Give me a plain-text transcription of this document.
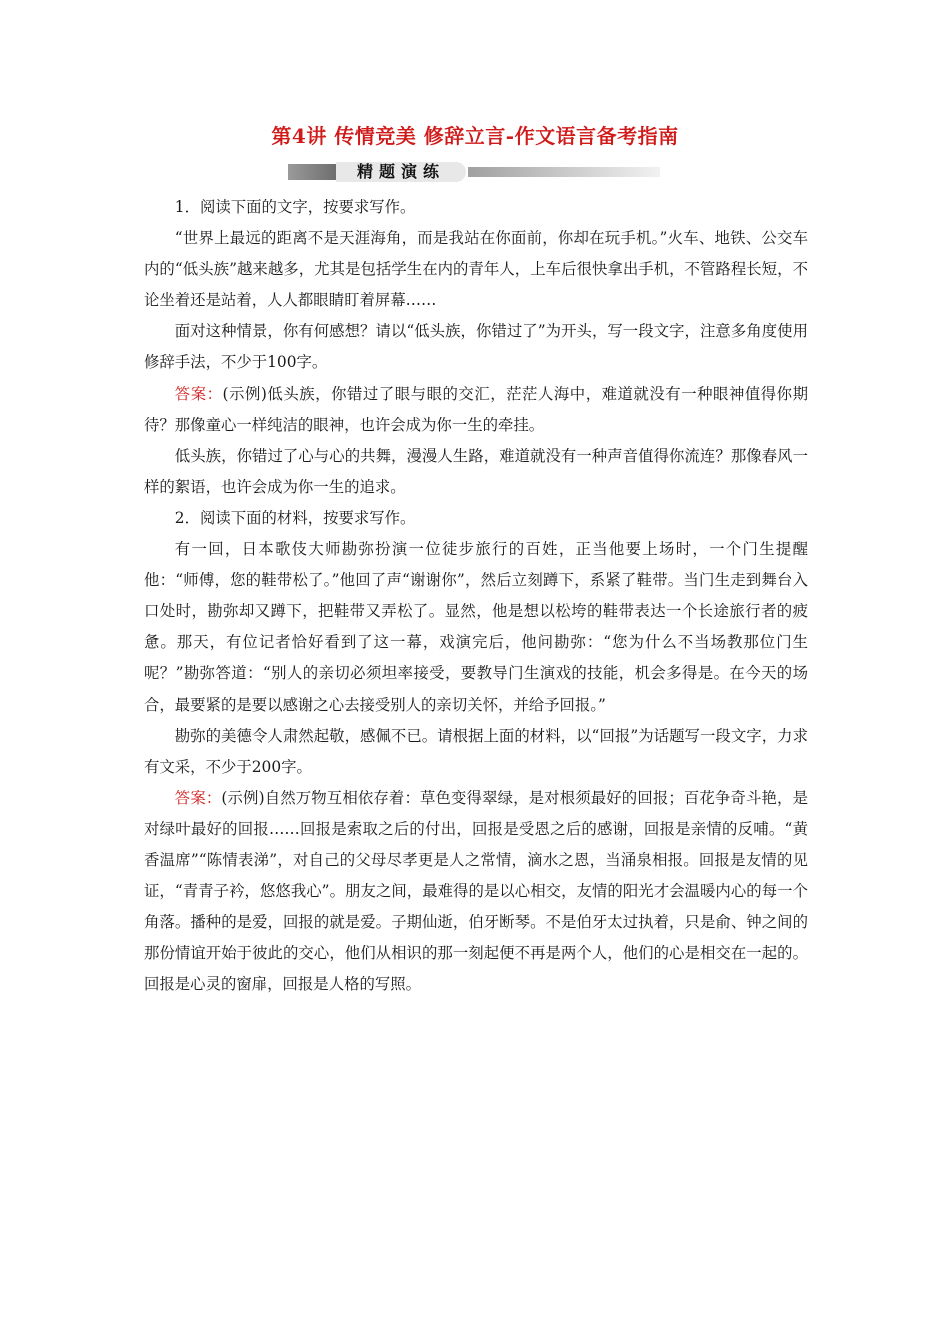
第4讲 传情竞美 修辞立言-作文语言备考指南
精题演练

1．阅读下面的文字，按要求写作。

“世界上最远的距离不是天涯海角，而是我站在你面前，你却在玩手机。”火车、地铁、公交车内的“低头族”越来越多，尤其是包括学生在内的青年人，上车后很快拿出手机，不管路程长短，不论坐着还是站着，人人都眼睛盯着屏幕……

面对这种情景，你有何感想？请以“低头族，你错过了”为开头，写一段文字，注意多角度使用修辞手法，不少于100字。

答案：(示例)低头族，你错过了眼与眼的交汇，茫茫人海中，难道就没有一种眼神值得你期待？那像童心一样纯洁的眼神，也许会成为你一生的牵挂。

低头族，你错过了心与心的共舞，漫漫人生路，难道就没有一种声音值得你流连？那像春风一样的絮语，也许会成为你一生的追求。

2．阅读下面的材料，按要求写作。

有一回，日本歌伎大师勘弥扮演一位徒步旅行的百姓，正当他要上场时，一个门生提醒他：“师傅，您的鞋带松了。”他回了声“谢谢你”，然后立刻蹲下，系紧了鞋带。当门生走到舞台入口处时，勘弥却又蹲下，把鞋带又弄松了。显然，他是想以松垮的鞋带表达一个长途旅行者的疲惫。那天，有位记者恰好看到了这一幕，戏演完后，他问勘弥：“您为什么不当场教那位门生呢？”勘弥答道：“别人的亲切必须坦率接受，要教导门生演戏的技能，机会多得是。在今天的场合，最要紧的是要以感谢之心去接受别人的亲切关怀，并给予回报。”

勘弥的美德令人肃然起敬，感佩不已。请根据上面的材料，以“回报”为话题写一段文字，力求有文采，不少于200字。

答案：(示例)自然万物互相依存着：草色变得翠绿，是对根须最好的回报；百花争奇斗艳，是对绿叶最好的回报……回报是索取之后的付出，回报是受恩之后的感谢，回报是亲情的反哺。“黄香温席”“陈情表涕”，对自己的父母尽孝更是人之常情，滴水之恩，当涌泉相报。回报是友情的见证，“青青子衿，悠悠我心”。朋友之间，最难得的是以心相交，友情的阳光才会温暖内心的每一个角落。播种的是爱，回报的就是爱。子期仙逝，伯牙断琴。不是伯牙太过执着，只是俞、钟之间的那份情谊开始于彼此的交心，他们从相识的那一刻起便不再是两个人，他们的心是相交在一起的。回报是心灵的窗扉，回报是人格的写照。
